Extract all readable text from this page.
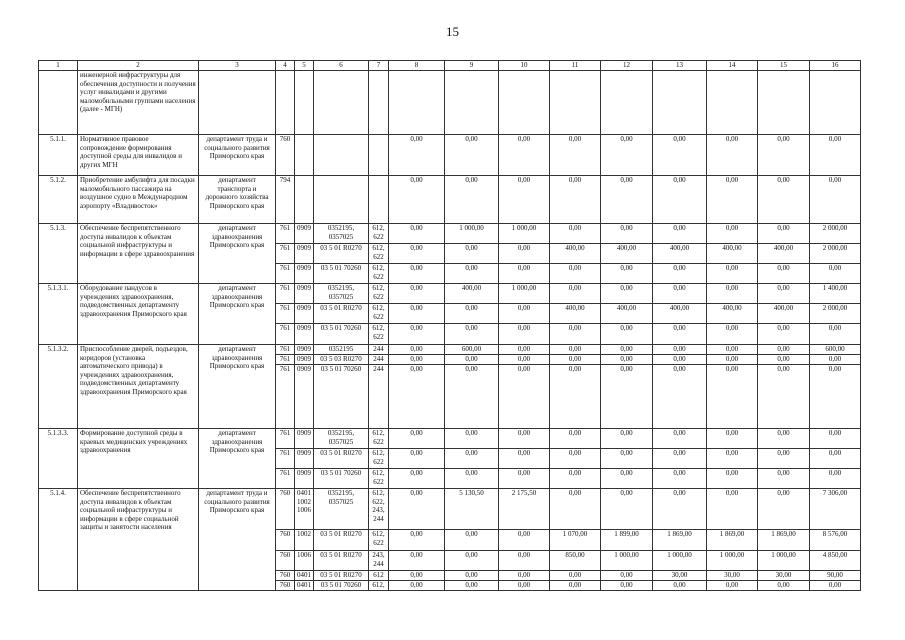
15
1	2	3	4	5	6	7	8	9	10	11	12	13	14	15	16
	инженерной инфраструктуры для обеспечения доступности и получения услуг инвалидами и другими маломобильными группами населения (далее - МГН)														
5.1.1.	Нормативное правовое сопровождение формирования доступной среды для инвалидов и других МГН	департамент труда и социального развития Приморского края	760				0,00	0,00	0,00	0,00	0,00	0,00	0,00	0,00	0,00
5.1.2.	Приобретение амбулифта для посадки маломобильного пассажира на воздушное судно в Международном аэропорту «Владивосток»	департамент транспорта и дорожного хозяйства Приморского края	794				0,00	0,00	0,00	0,00	0,00	0,00	0,00	0,00	0,00
5.1.3.	Обеспечение беспрепятственного доступа инвалидов к объектам социальной инфраструктуры и информации в сфере здравоохранения	департамент здравоохранения Приморского края	761	0909	0352195, 0357025	612, 622	0,00	1 000,00	1 000,00	0,00	0,00	0,00	0,00	0,00	2 000,00
			761	0909	03 5 01 R0270	612, 622	0,00	0,00	0,00	400,00	400,00	400,00	400,00	400,00	2 000,00
			761	0909	03 5 01 70260	612, 622	0,00	0,00	0,00	0,00	0,00	0,00	0,00	0,00	0,00
5.1.3.1.	Оборудование пандусов в учреждениях здравоохранения, подведомственных департаменту здравоохранения Приморского края	департамент здравоохранения Приморского края	761	0909	0352195, 0357025	612, 622	0,00	400,00	1 000,00	0,00	0,00	0,00	0,00	0,00	1 400,00
			761	0909	03 5 01 R0270	612, 622	0,00	0,00	0,00	400,00	400,00	400,00	400,00	400,00	2 000,00
			761	0909	03 5 01 70260	612, 622	0,00	0,00	0,00	0,00	0,00	0,00	0,00	0,00	0,00
5.1.3.2.	Приспособление дверей, подъездов, коридоров (установка автоматического привода) в учреждениях здравоохранения, подведомственных департаменту здравоохранения Приморского края	департамент здравоохранения Приморского края	761	0909	0352195	244	0,00	600,00	0,00	0,00	0,00	0,00	0,00	0,00	600,00
			761	0909	03 5 03 R0270	244	0,00	0,00	0,00	0,00	0,00	0,00	0,00	0,00	0,00
			761	0909	03 5 01 70260	244	0,00	0,00	0,00	0,00	0,00	0,00	0,00	0,00	0,00
5.1.3.3.	Формирование доступной среды в краевых медицинских учреждениях здравоохранения	департамент здравоохранения Приморского края	761	0909	0352195, 0357025	612, 622	0,00	0,00	0,00	0,00	0,00	0,00	0,00	0,00	0,00
			761	0909	03 5 01 R0270	612, 622	0,00	0,00	0,00	0,00	0,00	0,00	0,00	0,00	0,00
			761	0909	03 5 01 70260	612, 622	0,00	0,00	0,00	0,00	0,00	0,00	0,00	0,00	0,00
5.1.4.	Обеспечение беспрепятственного доступа инвалидов к объектам социальной инфраструктуры и информации в сфере социальной защиты и занятости населения	департамент труда и социального развития Приморского края	760	0401 1002 1006	0352195, 0357025	612, 622, 243, 244	0,00	5 130,50	2 175,50	0,00	0,00	0,00	0,00	0,00	7 306,00
			760	1002	03 5 01 R0270	612, 622	0,00	0,00	0,00	1 070,00	1 899,00	1 869,00	1 869,00	1 869,00	8 576,00
			760	1006	03 5 01 R0270	243, 244	0,00	0,00	0,00	850,00	1 000,00	1 000,00	1 000,00	1 000,00	4 850,00
			760	0401	03 5 01 R0270	612	0,00	0,00	0,00	0,00	0,00	30,00	30,00	30,00	90,00
			760	0401	03 5 01 70260	612,	0,00	0,00	0,00	0,00	0,00	0,00	0,00	0,00	0,00
